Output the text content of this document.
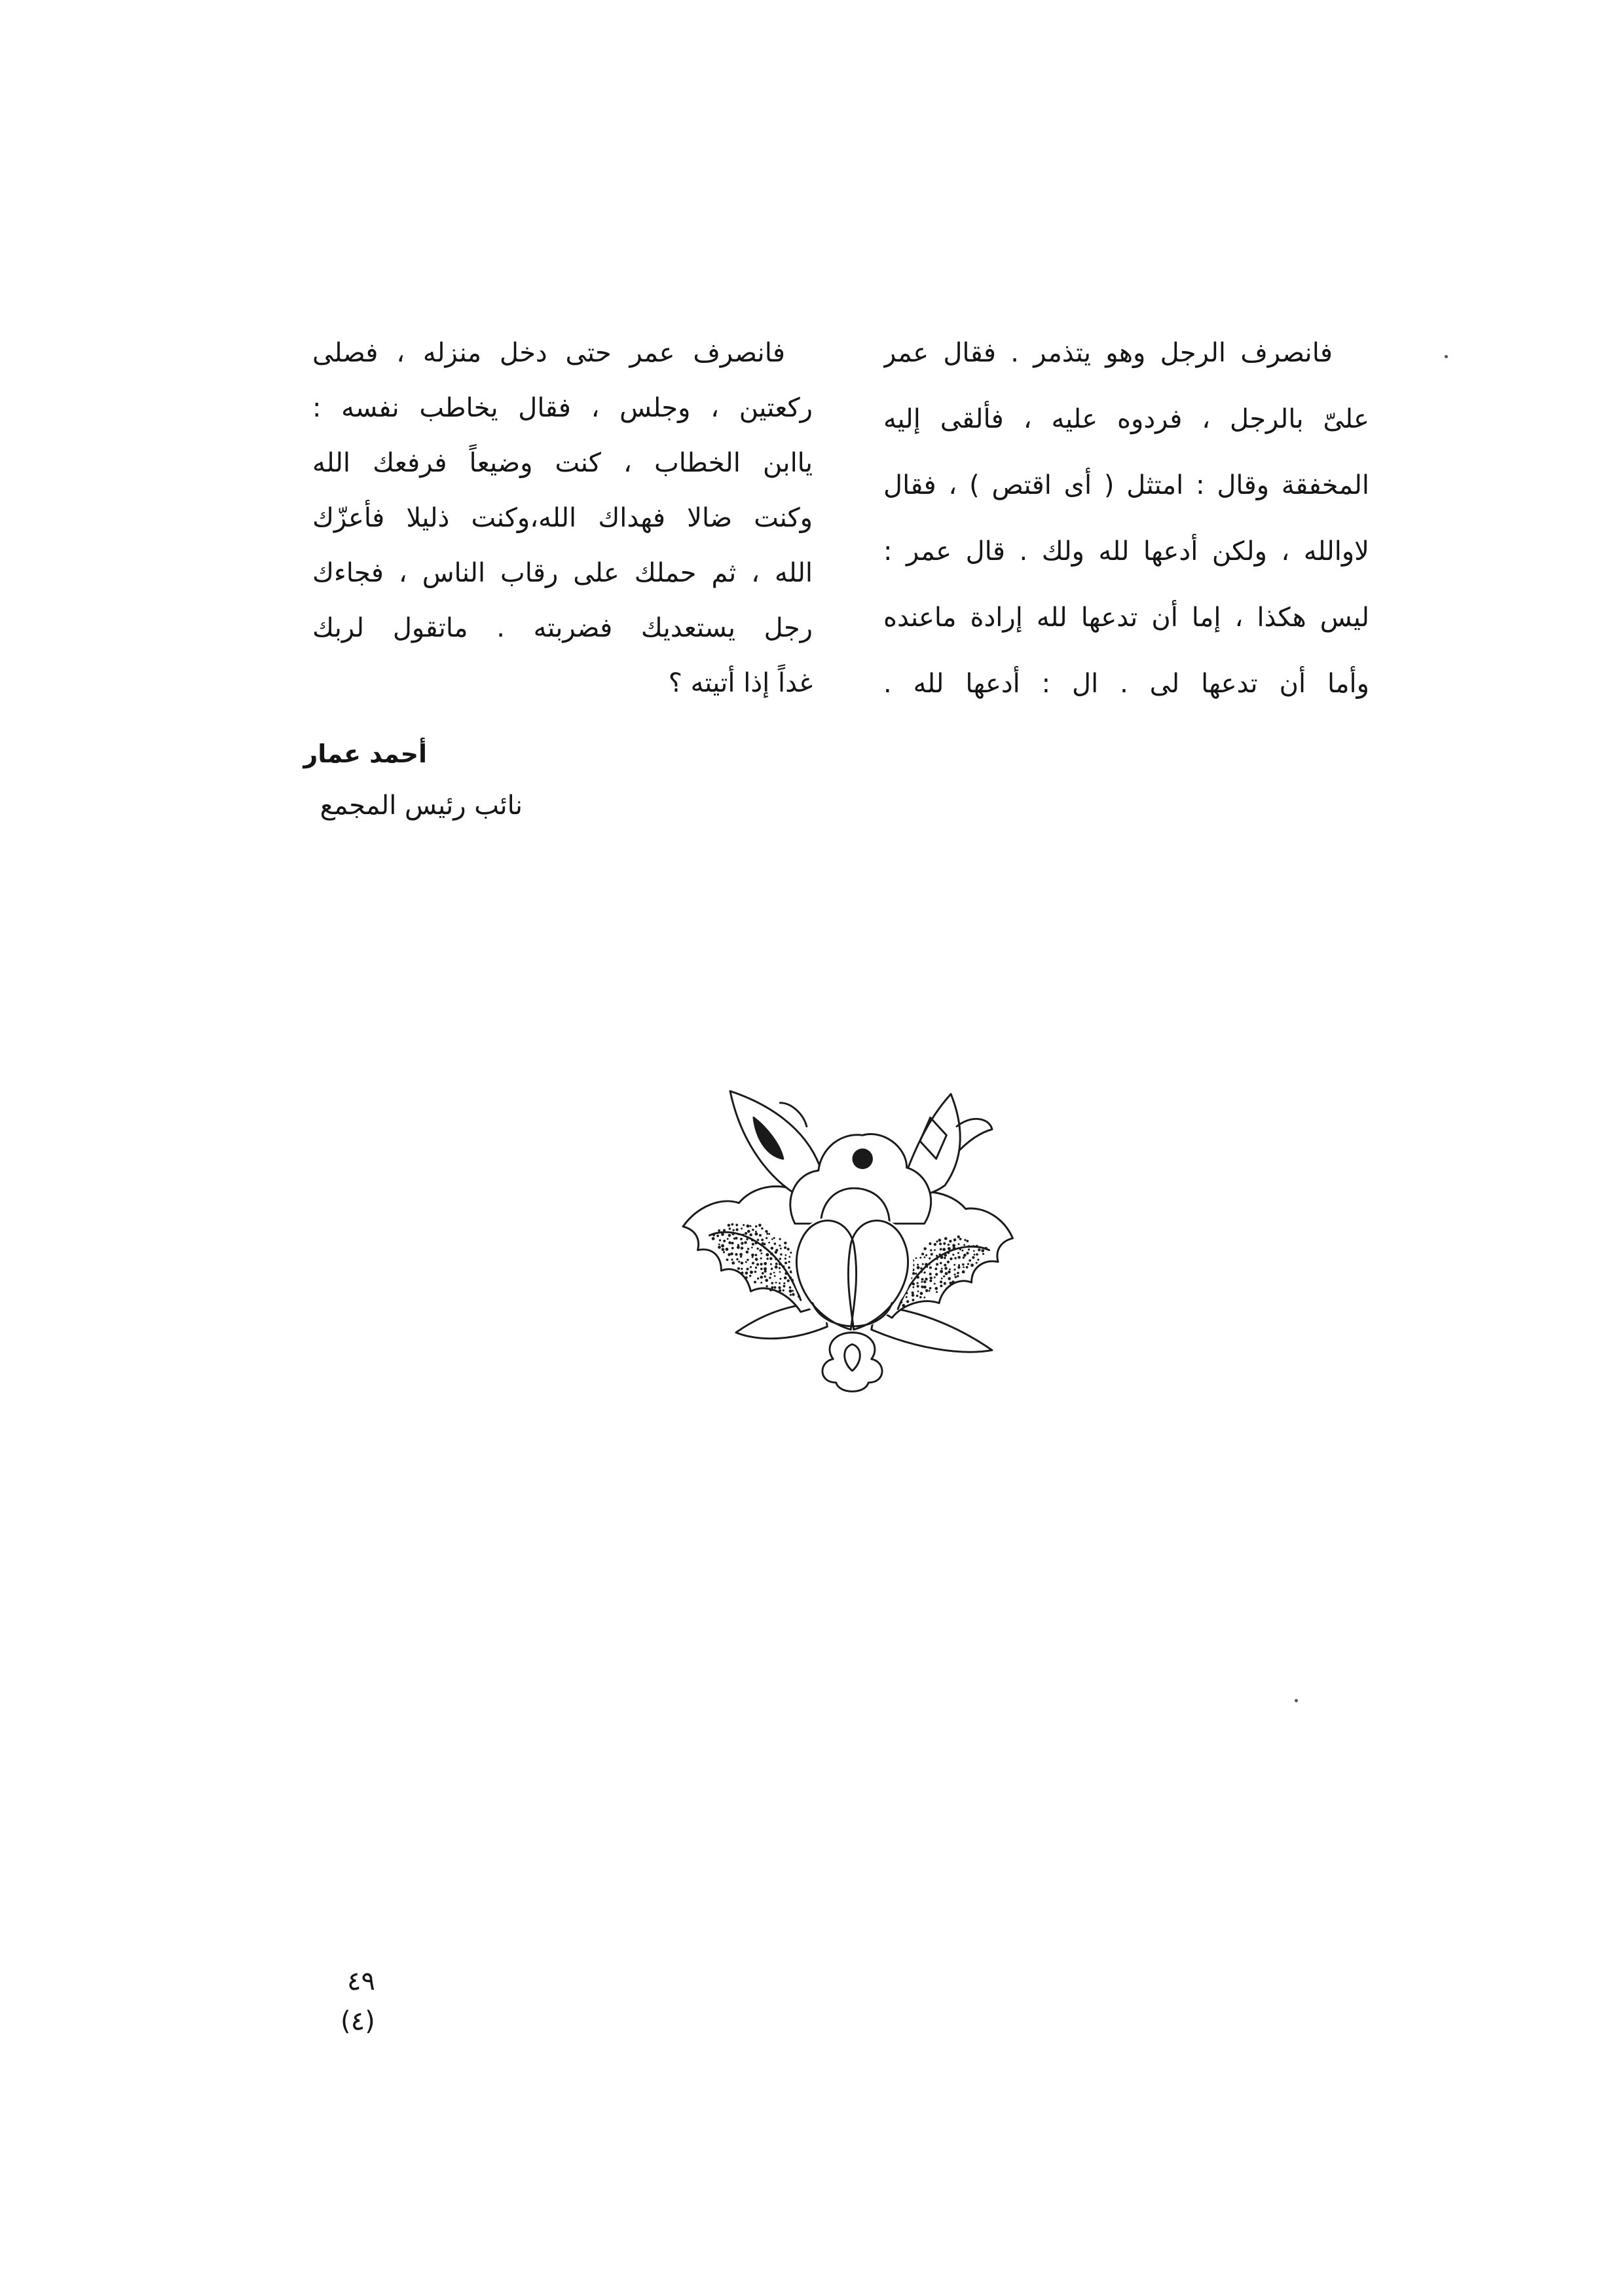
فانصرف الرجل وهو يتذمر . فقال عمر
علىّ بالرجل ، فردوه عليه ، فألقى إليه
المخفقة وقال : امتثل ( أى اقتص ) ، فقال
لاوالله ، ولكن أدعها لله ولك . قال عمر :
ليس هكذا ، إما أن تدعها لله إرادة ماعنده
وأما أن تدعها لى . ال : أدعها لله .
فانصرف عمر حتى دخل منزله ، فصلى
ركعتين ، وجلس ، فقال يخاطب نفسه :
ياابن الخطاب ، كنت وضيعاً فرفعك الله
وكنت ضالا فهداك الله،وكنت ذليلا فأعزّك
الله ، ثم حملك على رقاب الناس ، فجاءك
رجل يستعديك فضربته . ماتقول لربك
غداً إذا أتيته ؟
أحمد عمار
نائب رئيس المجمع
٤٩
(٤)
